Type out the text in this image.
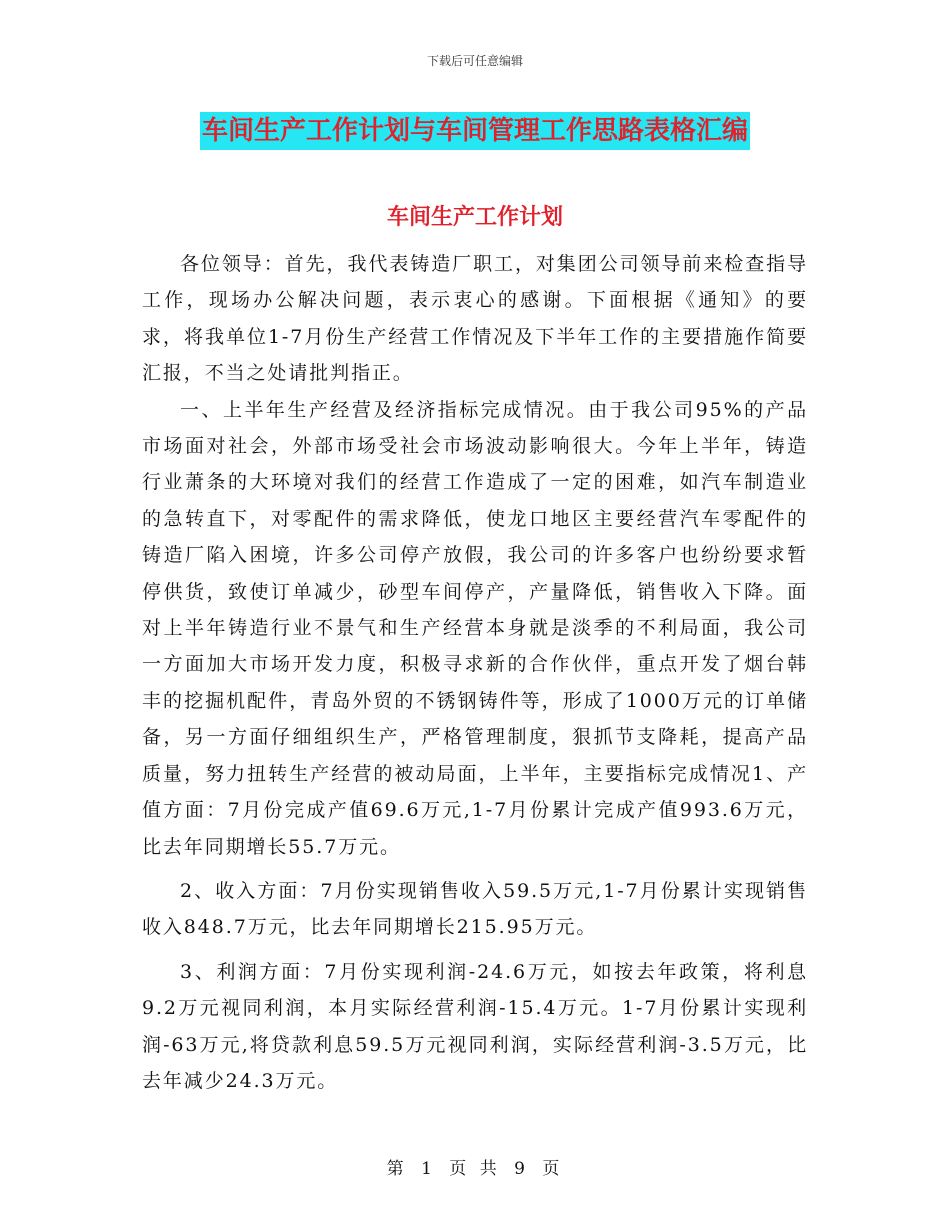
下载后可任意编辑
车间生产工作计划与车间管理工作思路表格汇编
车间生产工作计划

各位领导：首先，我代表铸造厂职工，对集团公司领导前来检查指导工作，现场办公解决问题，表示衷心的感谢。下面根据《通知》的要求，将我单位1-7月份生产经营工作情况及下半年工作的主要措施作简要汇报，不当之处请批判指正。

一、上半年生产经营及经济指标完成情况。由于我公司95%的产品市场面对社会，外部市场受社会市场波动影响很大。今年上半年，铸造行业萧条的大环境对我们的经营工作造成了一定的困难，如汽车制造业的急转直下，对零配件的需求降低，使龙口地区主要经营汽车零配件的铸造厂陷入困境，许多公司停产放假，我公司的许多客户也纷纷要求暂停供货，致使订单减少，砂型车间停产，产量降低，销售收入下降。面对上半年铸造行业不景气和生产经营本身就是淡季的不利局面，我公司一方面加大市场开发力度，积极寻求新的合作伙伴，重点开发了烟台韩丰的挖掘机配件，青岛外贸的不锈钢铸件等，形成了1000万元的订单储备，另一方面仔细组织生产，严格管理制度，狠抓节支降耗，提高产品质量，努力扭转生产经营的被动局面，上半年，主要指标完成情况1、产值方面：7月份完成产值69.6万元,1-7月份累计完成产值993.6万元，比去年同期增长55.7万元。

2、收入方面：7月份实现销售收入59.5万元,1-7月份累计实现销售收入848.7万元，比去年同期增长215.95万元。

3、利润方面：7月份实现利润-24.6万元，如按去年政策，将利息9.2万元视同利润，本月实际经营利润-15.4万元。1-7月份累计实现利润-63万元,将贷款利息59.5万元视同利润，实际经营利润-3.5万元，比去年减少24.3万元。

第 1 页 共 9 页
